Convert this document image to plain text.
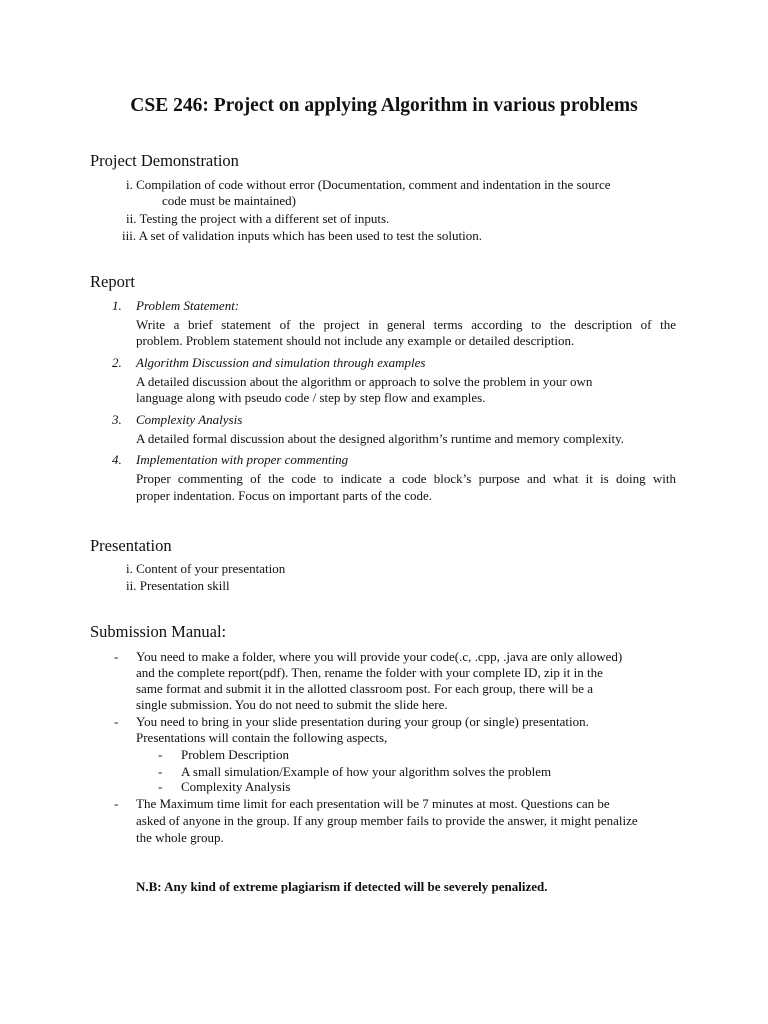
CSE 246: Project on applying Algorithm in various problems
Project Demonstration
i. Compilation of code without error (Documentation, comment and indentation in the source
code must be maintained)
ii. Testing the project with a different set of inputs.
iii. A set of validation inputs which has been used to test the solution.
Report
1. Problem Statement:
Write a brief statement of the project in general terms according to the description of the
problem. Problem statement should not include any example or detailed description.
2. Algorithm Discussion and simulation through examples
A detailed discussion about the algorithm or approach to solve the problem in your own
language along with pseudo code / step by step flow and examples.
3. Complexity Analysis
A detailed formal discussion about the designed algorithm’s runtime and memory complexity.
4. Implementation with proper commenting
Proper commenting of the code to indicate a code block’s purpose and what it is doing with
proper indentation. Focus on important parts of the code.
Presentation
i. Content of your presentation
ii. Presentation skill
Submission Manual:
- You need to make a folder, where you will provide your code(.c, .cpp, .java are only allowed)
and the complete report(pdf). Then, rename the folder with your complete ID, zip it in the
same format and submit it in the allotted classroom post. For each group, there will be a
single submission. You do not need to submit the slide here.
- You need to bring in your slide presentation during your group (or single) presentation.
Presentations will contain the following aspects,
- Problem Description
- A small simulation/Example of how your algorithm solves the problem
- Complexity Analysis
- The Maximum time limit for each presentation will be 7 minutes at most. Questions can be
asked of anyone in the group. If any group member fails to provide the answer, it might penalize
the whole group.
N.B: Any kind of extreme plagiarism if detected will be severely penalized.
